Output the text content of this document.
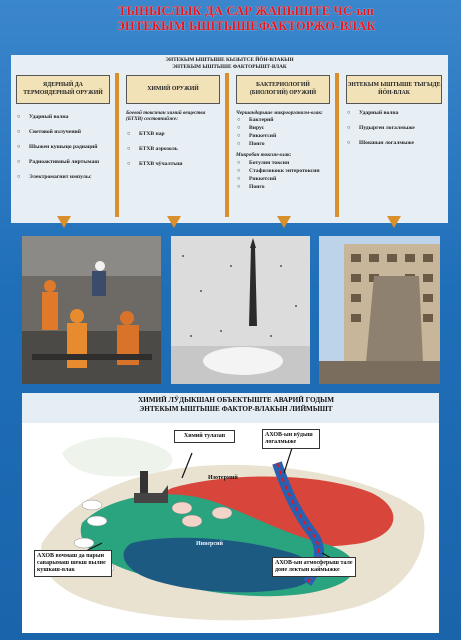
ТЫНЫСЛЫК ДА САР ЖАПЫШТЕ ЧС-ын
ЭНТЕКЫМ ЫШТЫШЕФАКТОРЖО-ВЛАК
ЭНТЕКЫМ ЫШТЫШЕ КЫЗЫТСЕ ЙӦН-ВЛАКЫН
ЭНТЕКЫМ ЫШТЫШЕ ФАКТОРЫШТ-ВЛАК
ЯДЕРНЫЙ ДА ТЕРМОЯДЕРНЫЙ ОРУЖИЙ
○ Ударный волна
○ Световой излучений
○ Шыжен кушыцо радиаций
○ Радиоактивный лиртымаш
○ Электромагнит импульс
ХИМИЙ ОРУЖИЙ
Боевой токсичан химий вещества (БТХВ) состоянийже:
○ БТХВ пар
○ БТХВ аэрозоль
○ БТХВ чӱчалтыш
БАКТЕРИОЛОГИЙ (БИОЛОГИЙ) ОРУЖИЙ
Чершандарыше микроорганизм-влак:
○ Бактерий
○ Вирус
○ Риккетсий
○ Понго
Микробан токсин-влак:
○ Ботулин токсин
○ Стафилококк энтеротоксин
○ Риккетсий
○ Понго
ЭНТЕКЫМ ЫШТЫШЕ ТЫГЫДЕ ЙӦН-ВЛАК
○ Ударный волна
○ Пудырген логалмыже
○ Шокшын логалмыже
ХИМИЙ ЛӰДЫКШАН ОБЪЕКТЫШТЕ АВАРИЙ ГОДЫМ
ЭНТЕКЫМ ЫШТЫШЕ ФАКТОР-ВЛАКЫН ЛИЙМЫШТ
Химий тулазап	АХОВ-ын вӱдыш логалмыже
Изотермий
Инверсий
АХОВ вочмаш да парын саварымаш шекш вылне кушкаш-влак
АХОВ-ын атмосферыш тале доне лектын каймыжке
